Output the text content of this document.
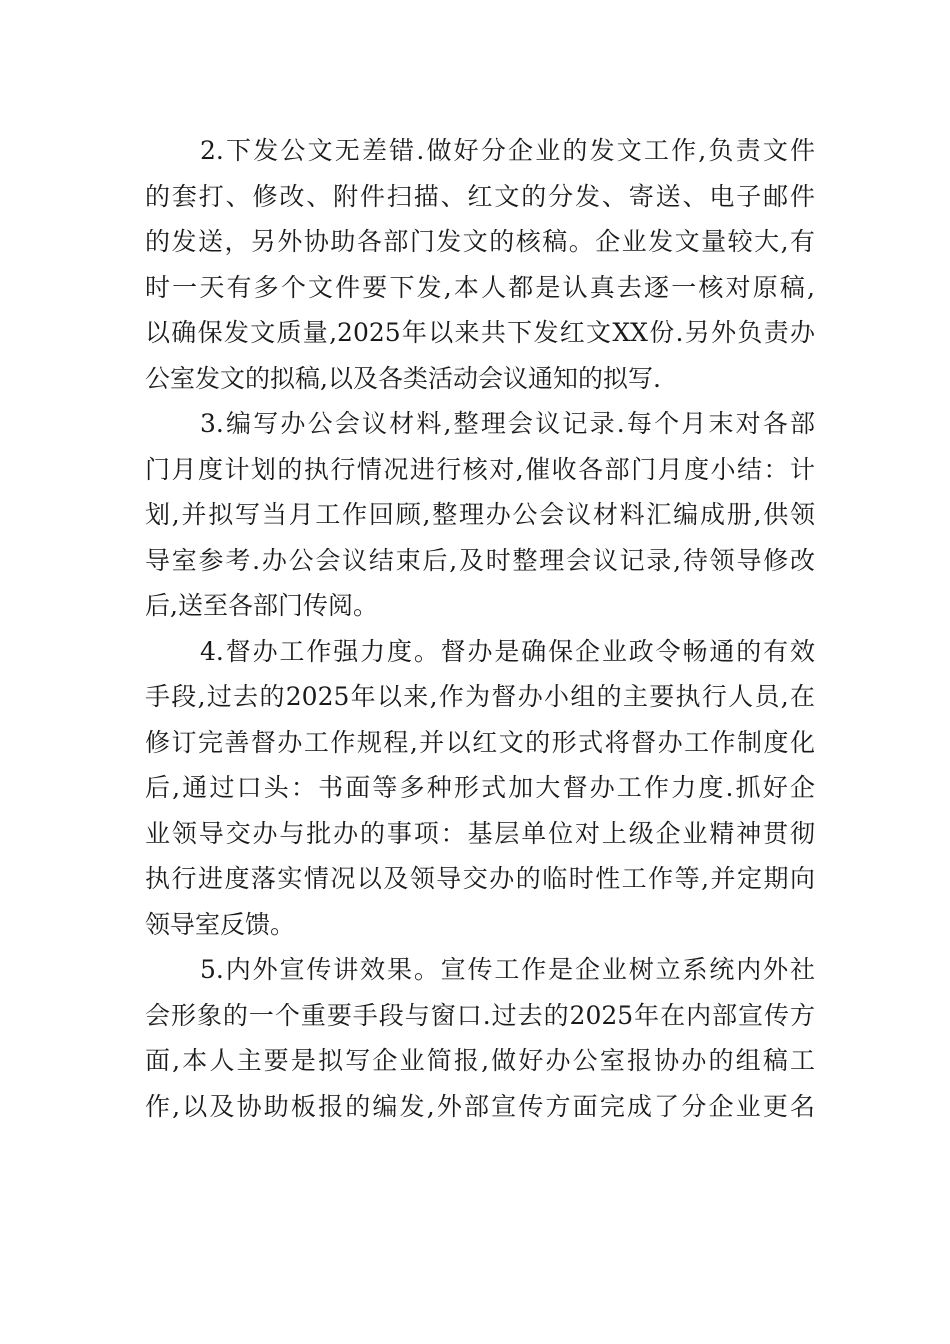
2.下发公文无差错.做好分企业的发文工作,负责文件
的套打、修改、附件扫描、红文的分发、寄送、电子邮件
的发送，另外协助各部门发文的核稿。企业发文量较大,有
时一天有多个文件要下发,本人都是认真去逐一核对原稿,
以确保发文质量,2025年以来共下发红文XX份.另外负责办
公室发文的拟稿,以及各类活动会议通知的拟写.
3.编写办公会议材料,整理会议记录.每个月末对各部
门月度计划的执行情况进行核对,催收各部门月度小结：计
划,并拟写当月工作回顾,整理办公会议材料汇编成册,供领
导室参考.办公会议结束后,及时整理会议记录,待领导修改
后,送至各部门传阅。
4.督办工作强力度。督办是确保企业政令畅通的有效
手段,过去的2025年以来,作为督办小组的主要执行人员,在
修订完善督办工作规程,并以红文的形式将督办工作制度化
后,通过口头：书面等多种形式加大督办工作力度.抓好企
业领导交办与批办的事项：基层单位对上级企业精神贯彻
执行进度落实情况以及领导交办的临时性工作等,并定期向
领导室反馈。
5.内外宣传讲效果。宣传工作是企业树立系统内外社
会形象的一个重要手段与窗口.过去的2025年在内部宣传方
面,本人主要是拟写企业简报,做好办公室报协办的组稿工
作,以及协助板报的编发,外部宣传方面完成了分企业更名
